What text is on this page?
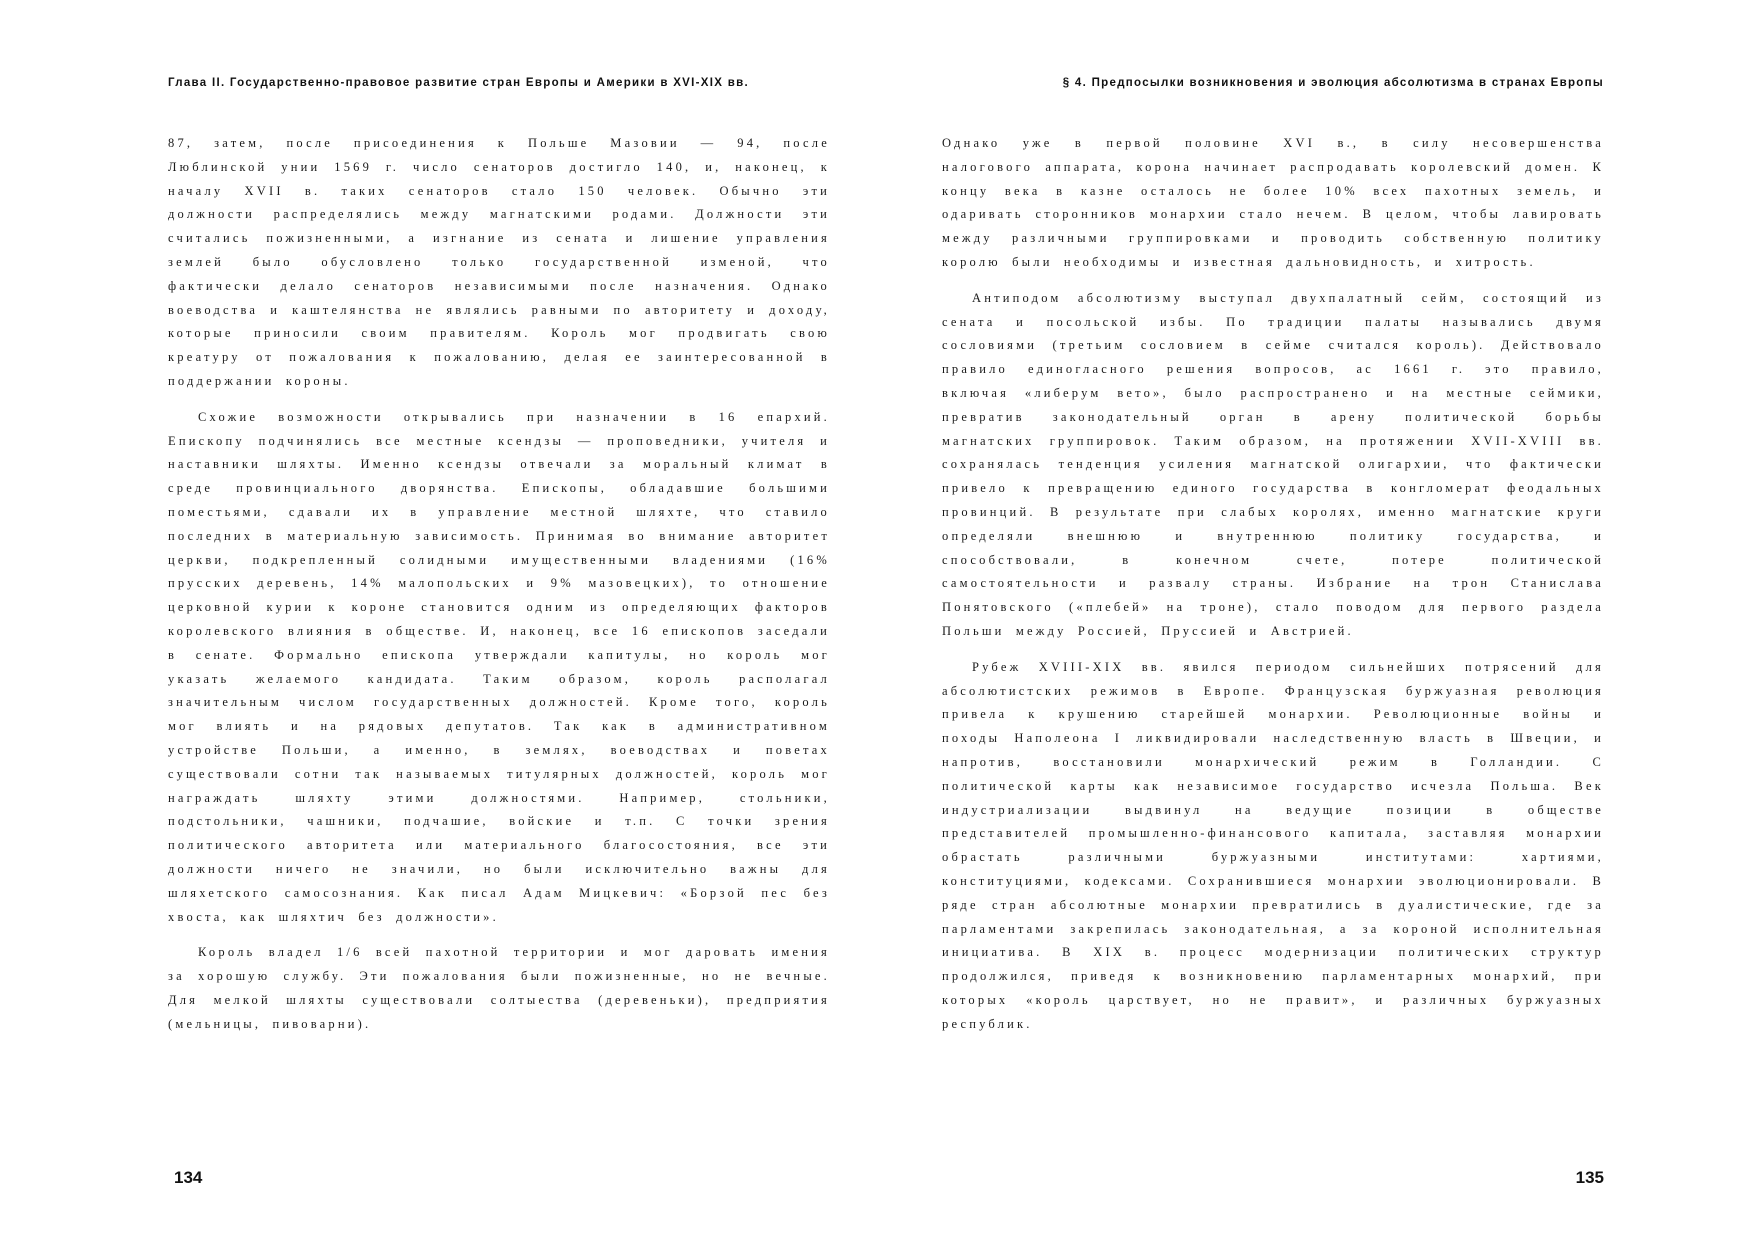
Глава II. Государственно-правовое развитие стран Европы и Америки в XVI-XIX вв.

87, затем, после присоединения к Польше Мазовии — 94, после Люблинской унии 1569 г. число сенаторов достигло 140, и, наконец, к началу XVII в. таких сенаторов стало 150 человек. Обычно эти должности распределялись между магнатскими родами. Должности эти считались пожизненными, а изгнание из сената и лишение управления землей было обусловлено только государственной изменой, что фактически делало сенаторов независимыми после назначения. Однако воеводства и каштелянства не являлись равными по авторитету и доходу, которые приносили своим правителям. Король мог продвигать свою креатуру от пожалования к пожалованию, делая ее заинтересованной в поддержании короны.

Схожие возможности открывались при назначении в 16 епархий. Епископу подчинялись все местные ксендзы — проповедники, учителя и наставники шляхты. Именно ксендзы отвечали за моральный климат в среде провинциального дворянства. Епископы, обладавшие большими поместьями, сдавали их в управление местной шляхте, что ставило последних в материальную зависимость. Принимая во внимание авторитет церкви, подкрепленный солидными имущественными владениями (16% прусских деревень, 14% малопольских и 9% мазовецких), то отношение церковной курии к короне становится одним из определяющих факторов королевского влияния в обществе. И, наконец, все 16 епископов заседали в сенате. Формально епископа утверждали капитулы, но король мог указать желаемого кандидата. Таким образом, король располагал значительным числом государственных должностей. Кроме того, король мог влиять и на рядовых депутатов. Так как в административном устройстве Польши, а именно, в землях, воеводствах и поветах существовали сотни так называемых титулярных должностей, король мог награждать шляхту этими должностями. Например, стольники, подстольники, чашники, подчашие, войские и т.п. С точки зрения политического авторитета или материального благосостояния, все эти должности ничего не значили, но были исключительно важны для шляхетского самосознания. Как писал Адам Мицкевич: «Борзой пес без хвоста, как шляхтич без должности».

Король владел 1/6 всей пахотной территории и мог даровать имения за хорошую службу. Эти пожалования были пожизненные, но не вечные. Для мелкой шляхты существовали солтыества (деревеньки), предприятия (мельницы, пивоварни).

134
§ 4. Предпосылки возникновения и эволюция абсолютизма в странах Европы

Однако уже в первой половине XVI в., в силу несовершенства налогового аппарата, корона начинает распродавать королевский домен. К концу века в казне осталось не более 10% всех пахотных земель, и одаривать сторонников монархии стало нечем. В целом, чтобы лавировать между различными группировками и проводить собственную политику королю были необходимы и известная дальновидность, и хитрость.

Антиподом абсолютизму выступал двухпалатный сейм, состоящий из сената и посольской избы. По традиции палаты назывались двумя сословиями (третьим сословием в сейме считался король). Действовало правило единогласного решения вопросов, ас 1661 г. это правило, включая «либерум вето», было распространено и на местные сеймики, превратив законодательный орган в арену политической борьбы магнатских группировок. Таким образом, на протяжении XVII-XVIII вв. сохранялась тенденция усиления магнатской олигархии, что фактически привело к превращению единого государства в конгломерат феодальных провинций. В результате при слабых королях, именно магнатские круги определяли внешнюю и внутреннюю политику государства, и способствовали, в конечном счете, потере политической самостоятельности и развалу страны. Избрание на трон Станислава Понятовского («плебей» на троне), стало поводом для первого раздела Польши между Россией, Пруссией и Австрией.

Рубеж XVIII-XIX вв. явился периодом сильнейших потрясений для абсолютистских режимов в Европе. Французская буржуазная революция привела к крушению старейшей монархии. Революционные войны и походы Наполеона I ликвидировали наследственную власть в Швеции, и напротив, восстановили монархический режим в Голландии. С политической карты как независимое государство исчезла Польша. Век индустриализации выдвинул на ведущие позиции в обществе представителей промышленно-финансового капитала, заставляя монархии обрастать различными буржуазными институтами: хартиями, конституциями, кодексами. Сохранившиеся монархии эволюционировали. В ряде стран абсолютные монархии превратились в дуалистические, где за парламентами закрепилась законодательная, а за короной исполнительная инициатива. В XIX в. процесс модернизации политических структур продолжился, приведя к возникновению парламентарных монархий, при которых «король царствует, но не правит», и различных буржуазных республик.

135
